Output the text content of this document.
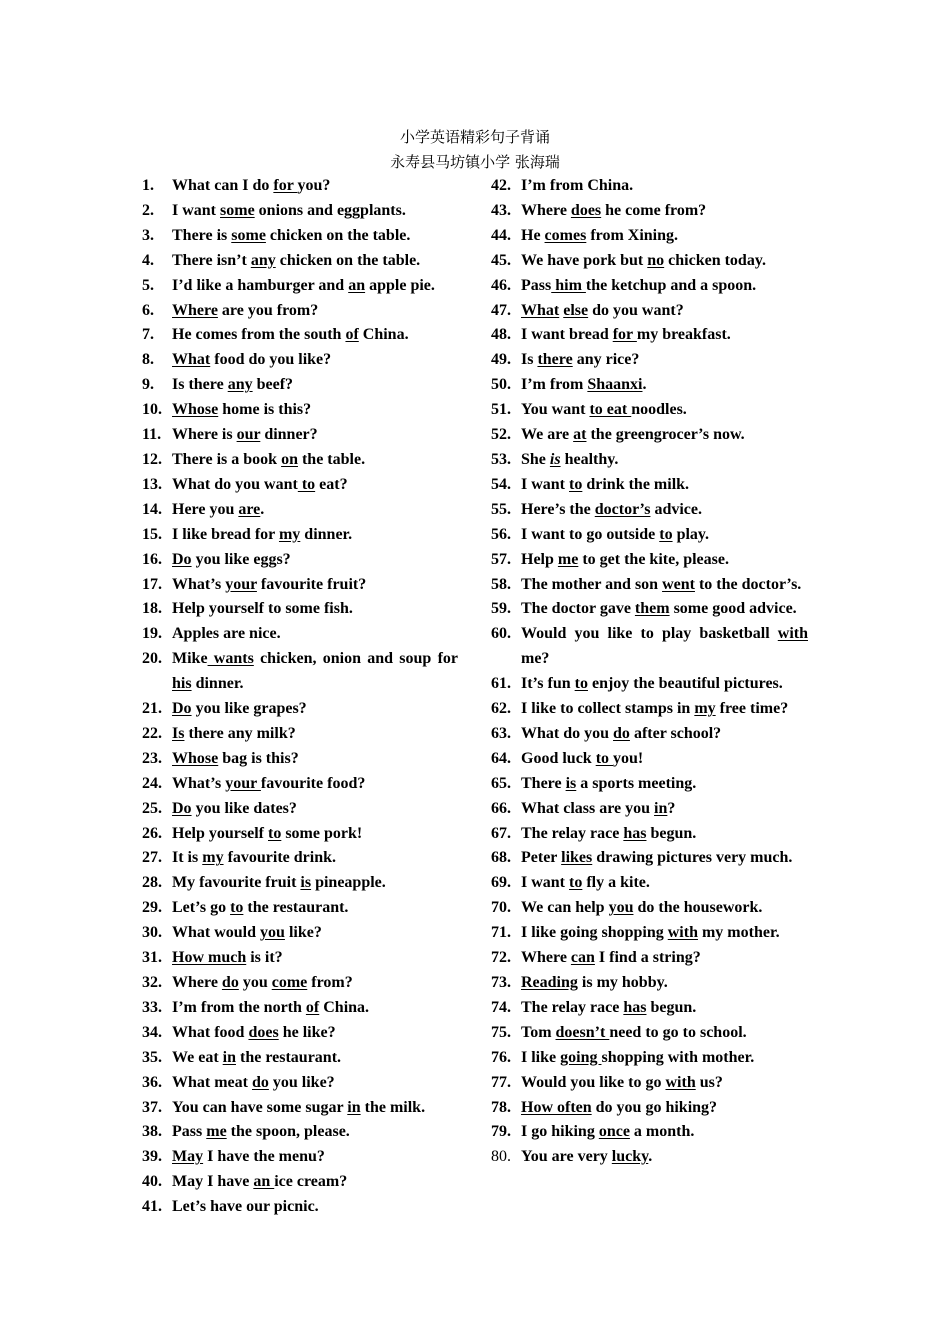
小学英语精彩句子背诵
永寿县马坊镇小学 张海瑞
1.	What can I do for you?
2.	I want some onions and eggplants.
3.	There is some chicken on the table.
4.	There isn’t any chicken on the table.
5.	I’d like a hamburger and an apple pie.
6.	Where are you from?
7.	He comes from the south of China.
8.	What food do you like?
9.	Is there any beef?
10. Whose home is this?
11. Where is our dinner?
12. There is a book on the table.
13. What do you want to eat?
14. Here you are.
15. I like bread for my dinner.
16. Do you like eggs?
17. What’s your favourite fruit?
18. Help yourself to some fish.
19. Apples are nice.
20. Mike wants chicken, onion and soup for his dinner.
21. Do you like grapes?
22. Is there any milk?
23. Whose bag is this?
24. What’s your favourite food?
25. Do you like dates?
26. Help yourself to some pork!
27. It is my favourite drink.
28. My favourite fruit is pineapple.
29. Let’s go to the restaurant.
30. What would you like?
31. How much is it?
32. Where do you come from?
33. I’m from the north of China.
34. What food does he like?
35. We eat in the restaurant.
36. What meat do you like?
37. You can have some sugar in the milk.
38. Pass me the spoon, please.
39. May I have the menu?
40. May I have an ice cream?
41. Let’s have our picnic.
42. I’m from China.
43. Where does he come from?
44. He comes from Xining.
45. We have pork but no chicken today.
46. Pass him the ketchup and a spoon.
47. What else do you want?
48. I want bread for my breakfast.
49. Is there any rice?
50. I’m from Shaanxi.
51. You want to eat noodles.
52. We are at the greengrocer’s now.
53. She is healthy.
54. I want to drink the milk.
55. Here’s the doctor’s advice.
56. I want to go outside to play.
57. Help me to get the kite, please.
58. The mother and son went to the doctor’s.
59. The doctor gave them some good advice.
60. Would you like to play basketball with me?
61. It’s fun to enjoy the beautiful pictures.
62. I like to collect stamps in my free time?
63. What do you do after school?
64. Good luck to you!
65. There is a sports meeting.
66. What class are you in?
67. The relay race has begun.
68. Peter likes drawing pictures very much.
69. I want to fly a kite.
70. We can help you do the housework.
71. I like going shopping with my mother.
72. Where can I find a string?
73. Reading is my hobby.
74. The relay race has begun.
75. Tom doesn’t need to go to school.
76. I like going shopping with mother.
77. Would you like to go with us?
78. How often do you go hiking?
79. I go hiking once a month.
80. You are very lucky.
